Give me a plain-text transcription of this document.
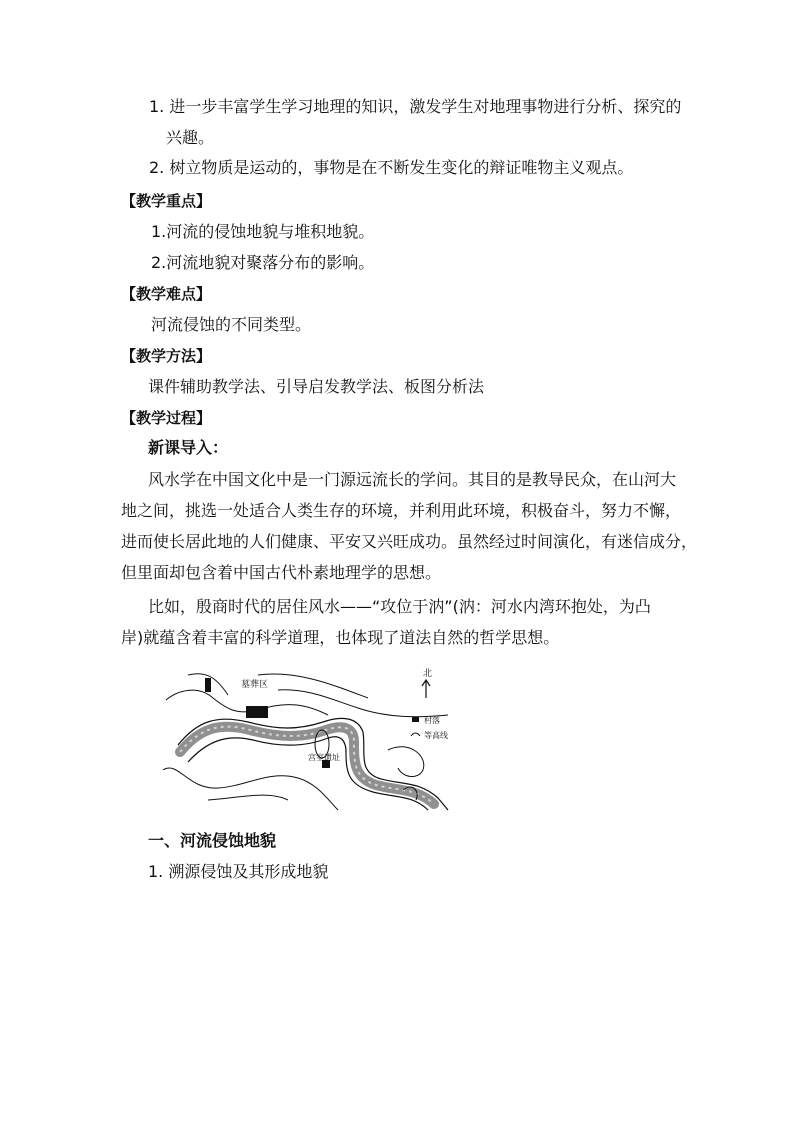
1. 进一步丰富学生学习地理的知识，激发学生对地理事物进行分析、探究的
兴趣。
2. 树立物质是运动的，事物是在不断发生变化的辩证唯物主义观点。
【教学重点】
1.河流的侵蚀地貌与堆积地貌。
2.河流地貌对聚落分布的影响。
【教学难点】
河流侵蚀的不同类型。
【教学方法】
课件辅助教学法、引导启发教学法、板图分析法
【教学过程】
新课导入：
风水学在中国文化中是一门源远流长的学问。其目的是教导民众，在山河大
地之间，挑选一处适合人类生存的环境，并利用此环境，积极奋斗，努力不懈，
进而使长居此地的人们健康、平安又兴旺成功。虽然经过时间演化，有迷信成分，
但里面却包含着中国古代朴素地理学的思想。
比如，殷商时代的居住风水——“攻位于汭”(汭：河水内湾环抱处，为凸
岸)就蕴含着丰富的科学道理，也体现了道法自然的哲学思想。
墓葬区
宫室遗址
北
村落
等高线
一、河流侵蚀地貌
1. 溯源侵蚀及其形成地貌
